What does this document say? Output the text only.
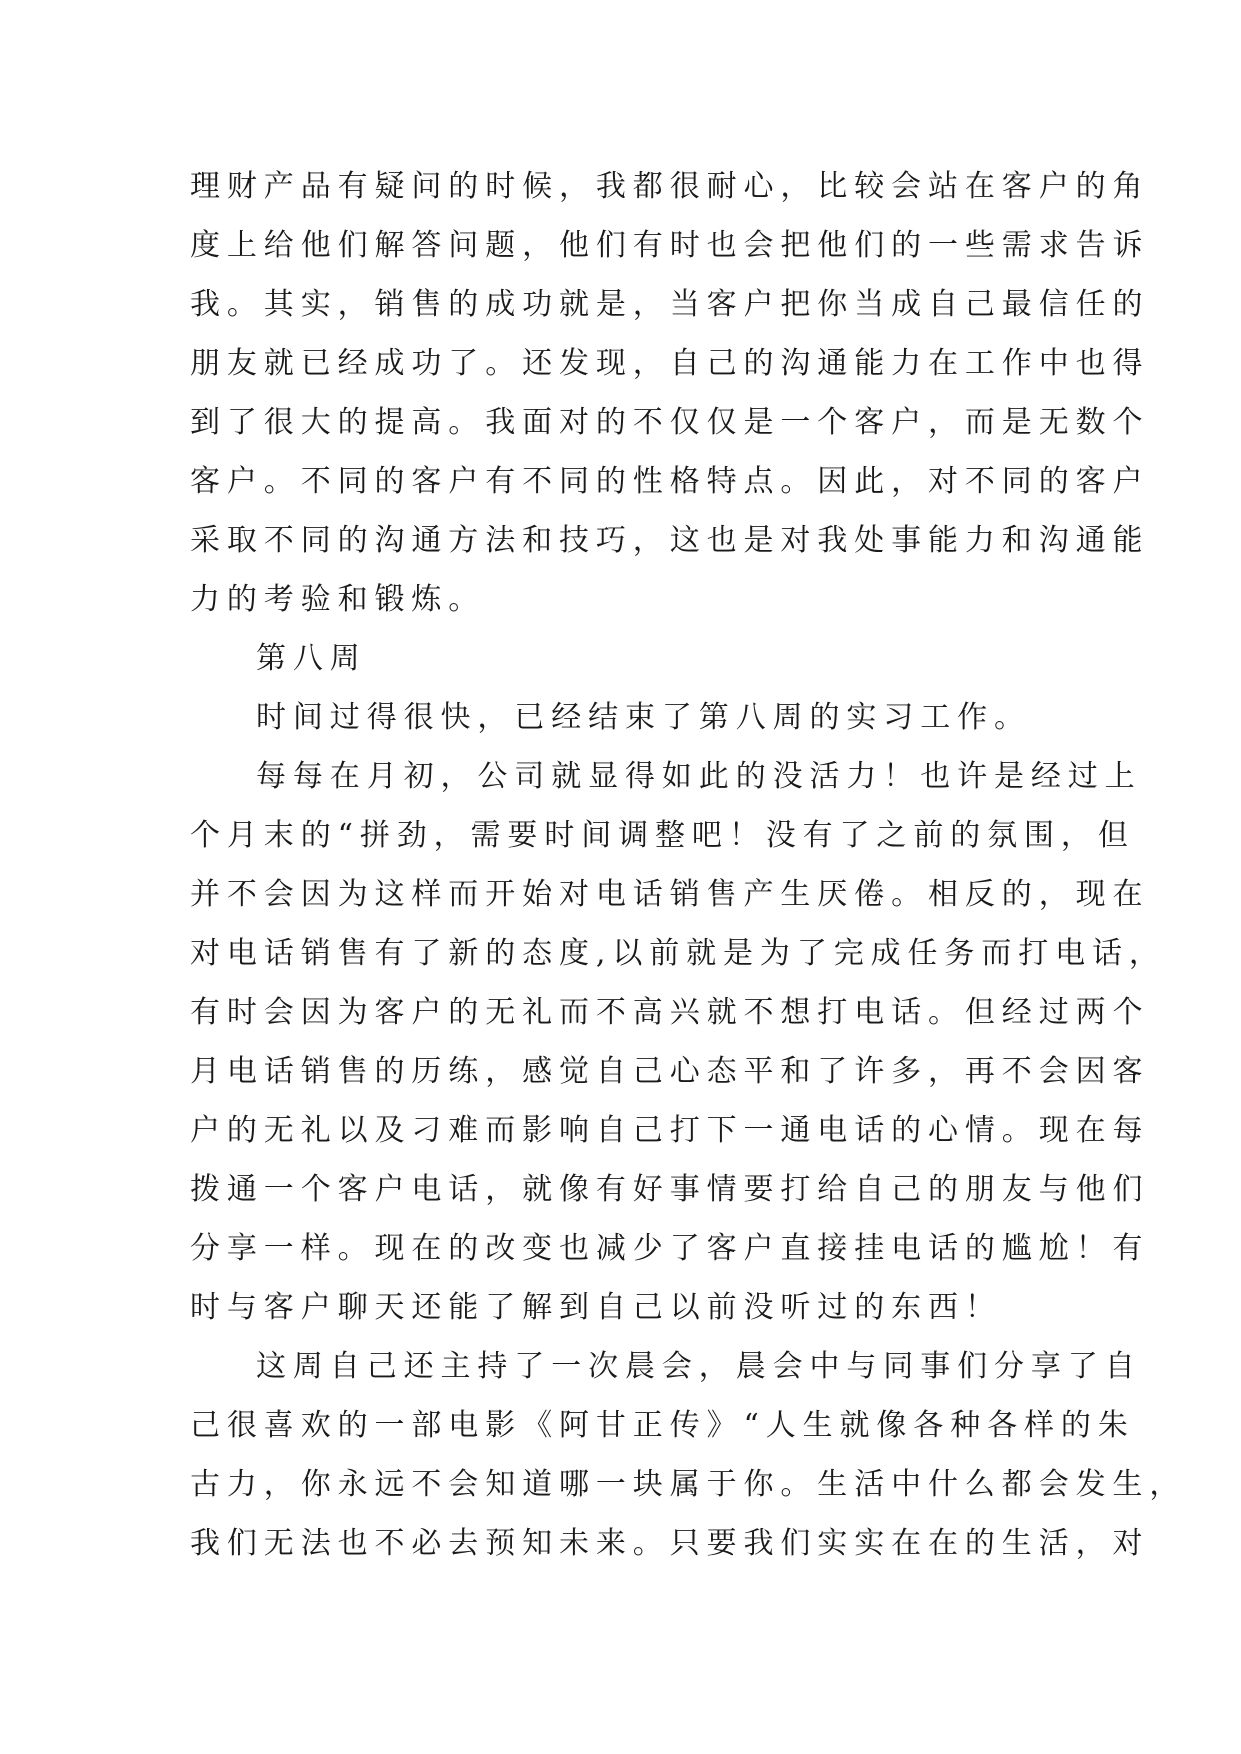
理财产品有疑问的时候，我都很耐心，比较会站在客户的角
度上给他们解答问题，他们有时也会把他们的一些需求告诉
我。其实，销售的成功就是，当客户把你当成自己最信任的
朋友就已经成功了。还发现，自己的沟通能力在工作中也得
到了很大的提高。我面对的不仅仅是一个客户，而是无数个
客户。不同的客户有不同的性格特点。因此，对不同的客户
采取不同的沟通方法和技巧，这也是对我处事能力和沟通能
力的考验和锻炼。
第八周
时间过得很快，已经结束了第八周的实习工作。
每每在月初，公司就显得如此的没活力！也许是经过上
个月末的“拼劲，需要时间调整吧！没有了之前的氛围，但
并不会因为这样而开始对电话销售产生厌倦。相反的，现在
对电话销售有了新的态度,以前就是为了完成任务而打电话，
有时会因为客户的无礼而不高兴就不想打电话。但经过两个
月电话销售的历练，感觉自己心态平和了许多，再不会因客
户的无礼以及刁难而影响自己打下一通电话的心情。现在每
拨通一个客户电话，就像有好事情要打给自己的朋友与他们
分享一样。现在的改变也减少了客户直接挂电话的尴尬！有
时与客户聊天还能了解到自己以前没听过的东西！
这周自己还主持了一次晨会，晨会中与同事们分享了自
己很喜欢的一部电影《阿甘正传》“人生就像各种各样的朱
古力，你永远不会知道哪一块属于你。生活中什么都会发生，
我们无法也不必去预知未来。只要我们实实在在的生活，对
